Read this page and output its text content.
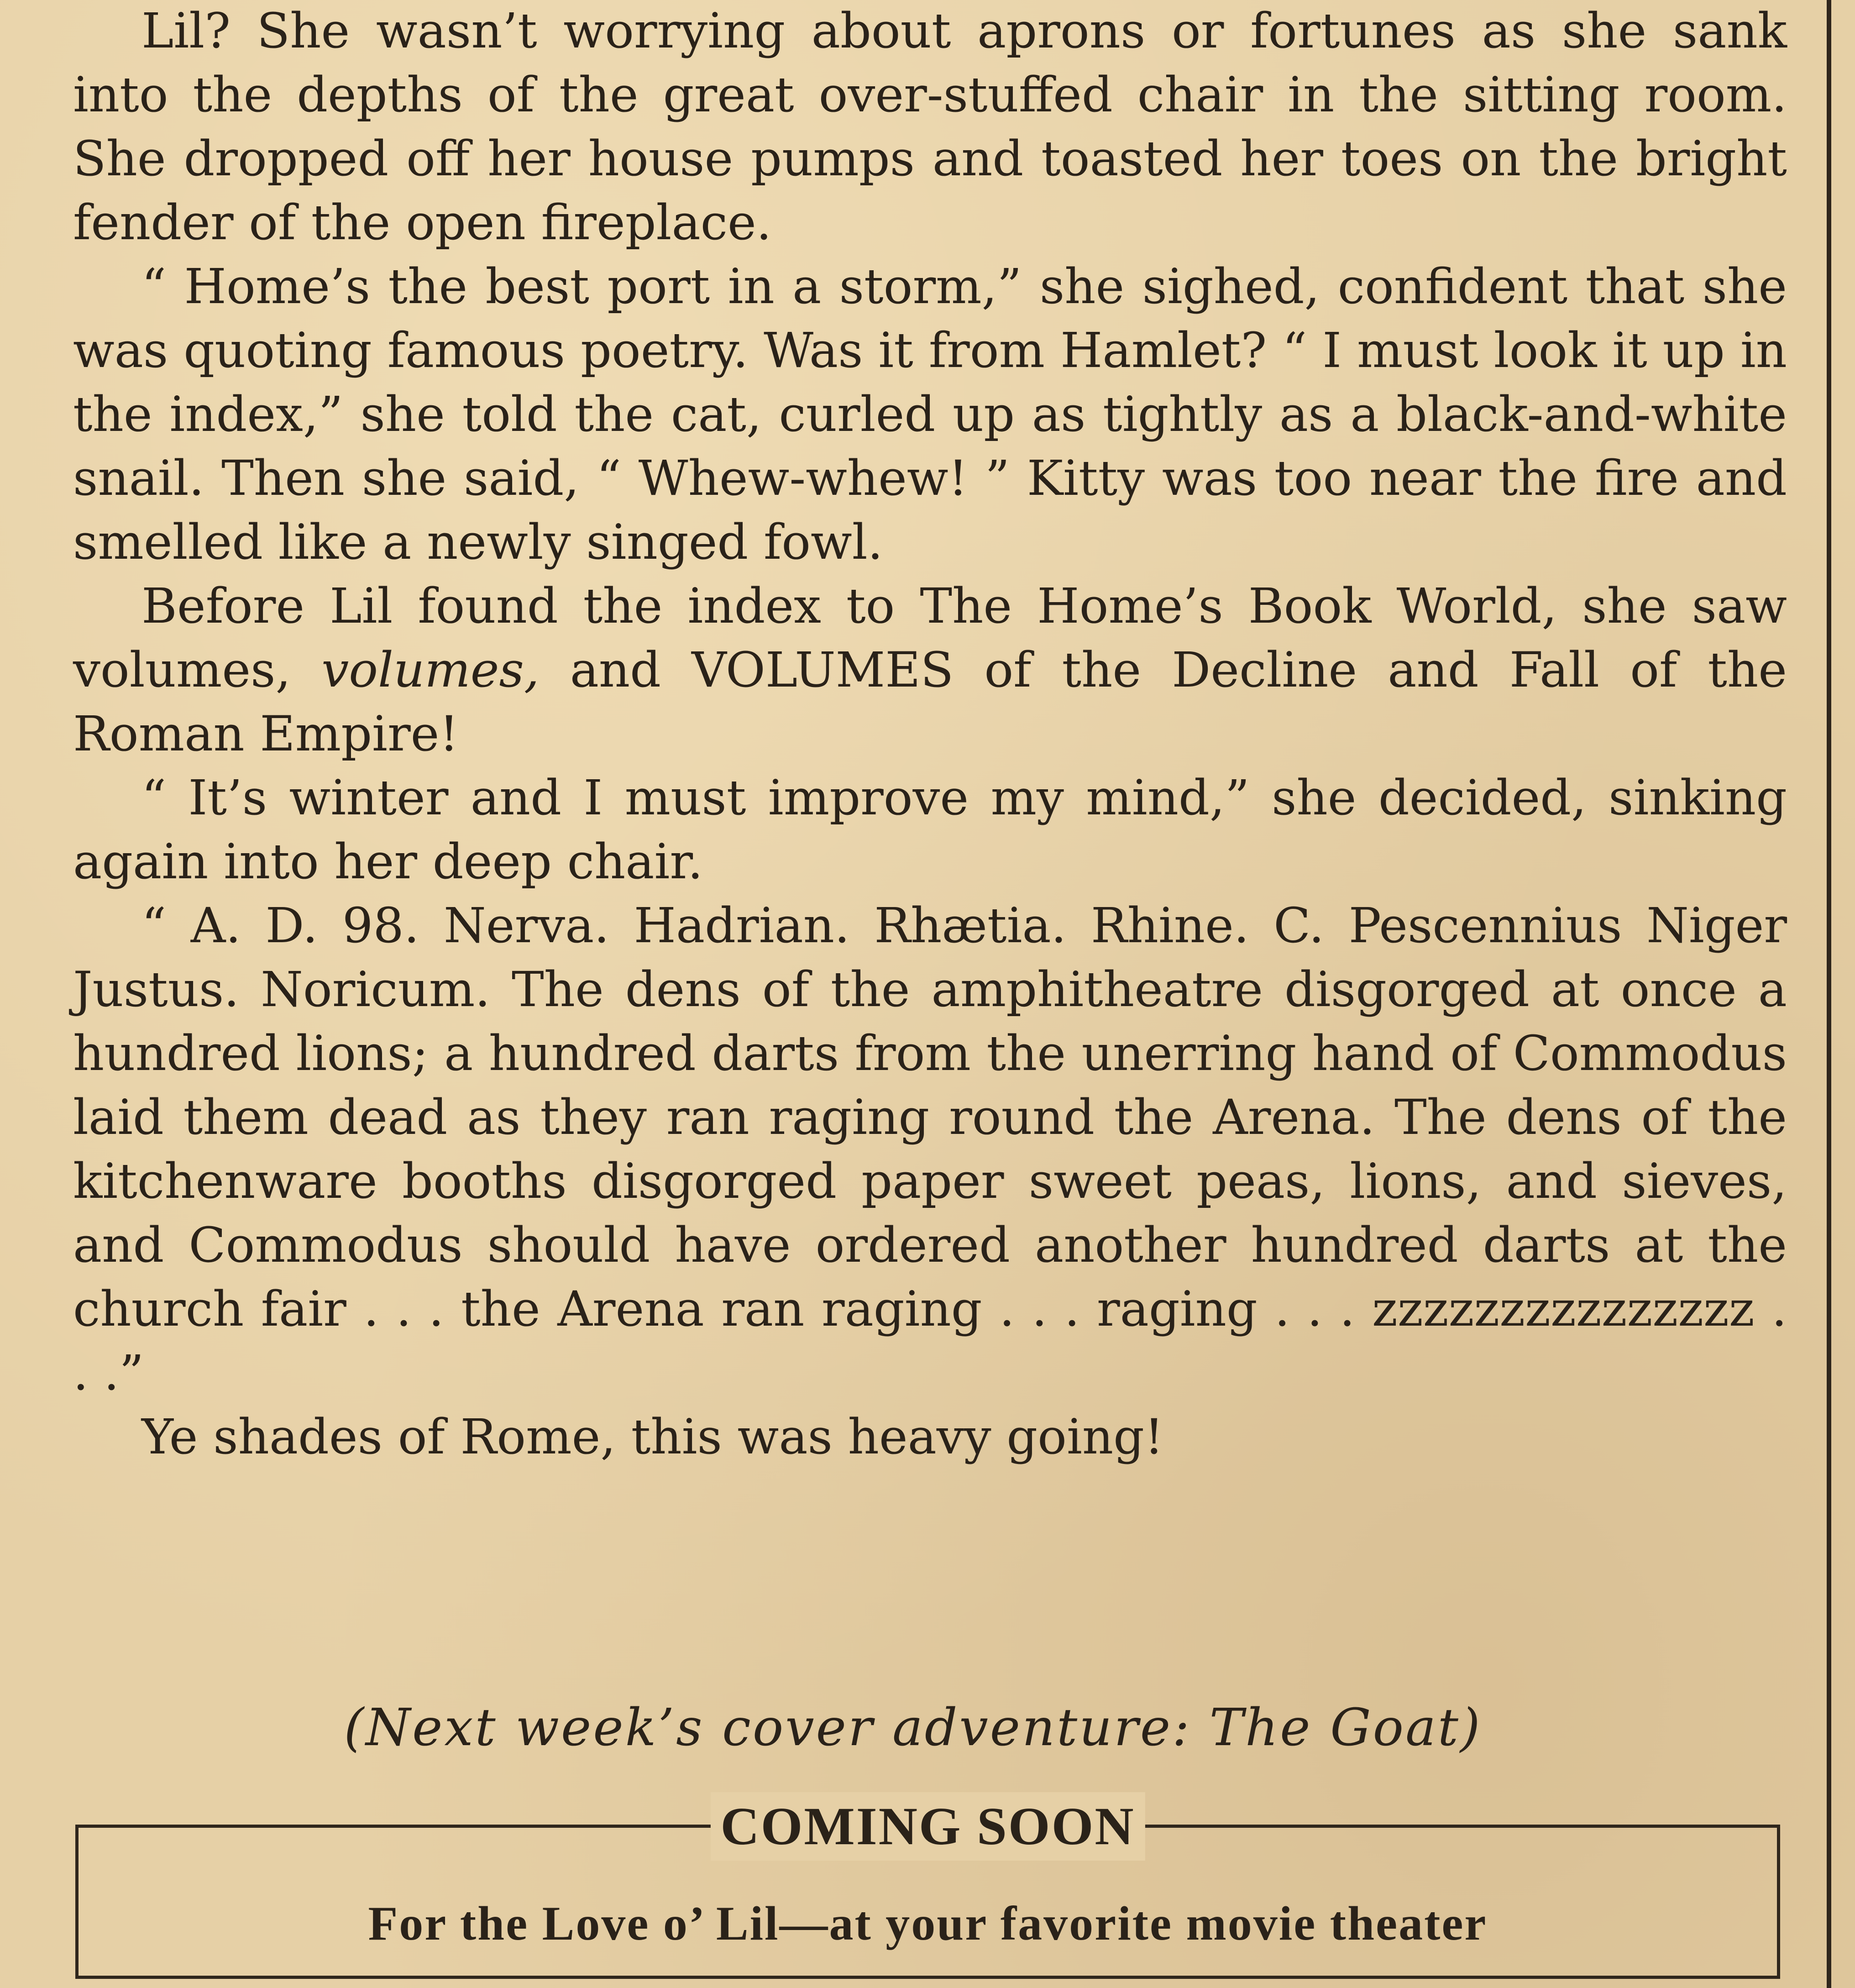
Lil? She wasn’t worrying about aprons or fortunes as she sank into the depths of the great over-stuffed chair in the sitting room. She dropped off her house pumps and toasted her toes on the bright fender of the open fireplace.

“ Home’s the best port in a storm,” she sighed, confident that she was quoting famous poetry. Was it from Hamlet? “ I must look it up in the index,” she told the cat, curled up as tightly as a black-and-white snail. Then she said, “ Whew-whew! ” Kitty was too near the fire and smelled like a newly singed fowl.

Before Lil found the index to The Home’s Book World, she saw volumes, volumes, and VOLUMES of the Decline and Fall of the Roman Empire!

“ It’s winter and I must improve my mind,” she decided, sinking again into her deep chair.

“ A. D. 98. Nerva. Hadrian. Rhætia. Rhine. C. Pescennius Niger Justus. Noricum. The dens of the amphitheatre disgorged at once a hundred lions; a hundred darts from the unerring hand of Commodus laid them dead as they ran raging round the Arena. The dens of the kitchenware booths disgorged paper sweet peas, lions, and sieves, and Commodus should have ordered another hundred darts at the church fair . . . the Arena ran raging . . . raging . . . zzzzzzzzzzzzzzz . . .”

Ye shades of Rome, this was heavy going!

(Next week’s cover adventure: The Goat)
COMING SOON
For the Love o’ Lil—at your favorite movie theater
